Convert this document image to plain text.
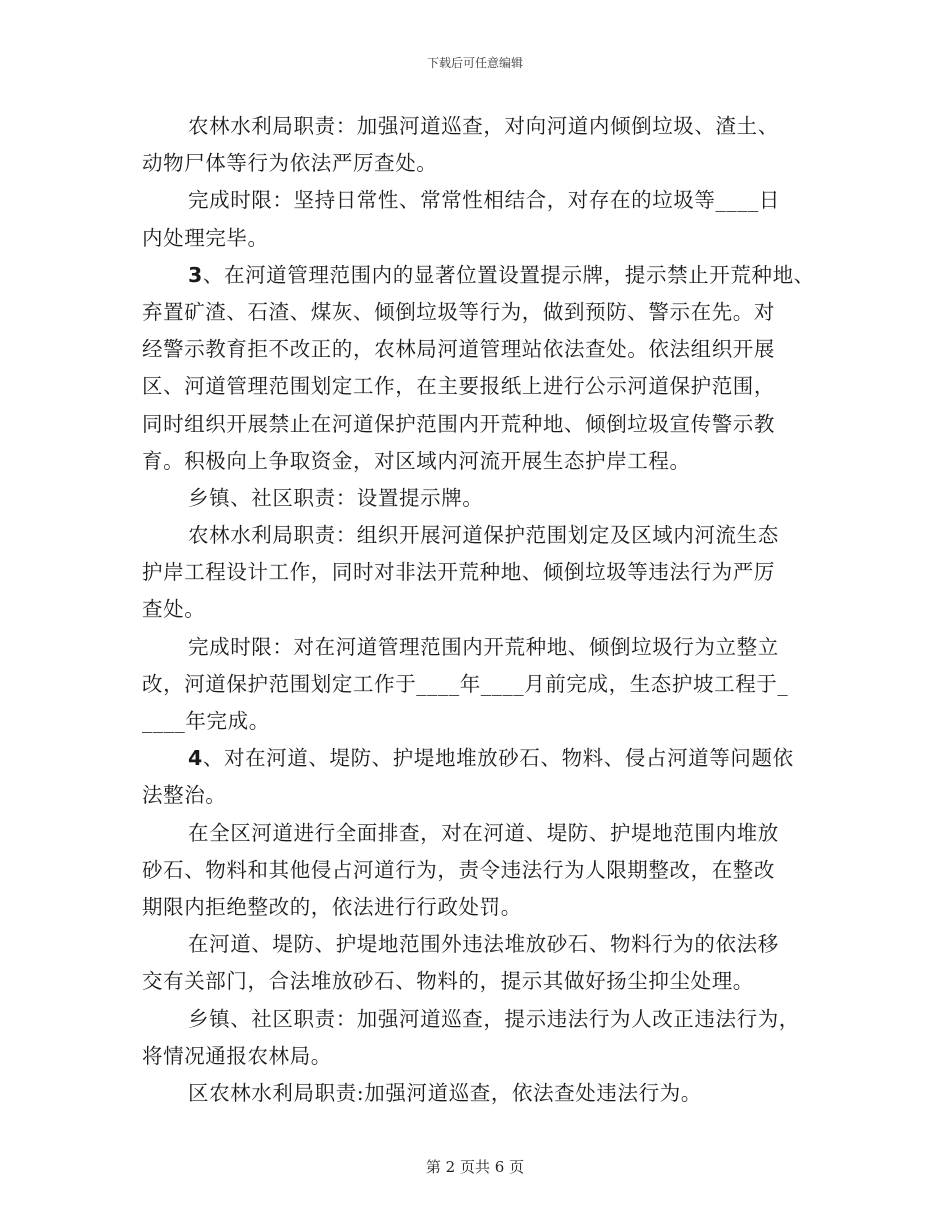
下载后可任意编辑
农林水利局职责：加强河道巡查，对向河道内倾倒垃圾、渣土、
动物尸体等行为依法严厉查处。
完成时限：坚持日常性、常常性相结合，对存在的垃圾等____日
内处理完毕。
3、在河道管理范围内的显著位置设置提示牌，提示禁止开荒种地、
弃置矿渣、石渣、煤灰、倾倒垃圾等行为，做到预防、警示在先。对
经警示教育拒不改正的，农林局河道管理站依法查处。依法组织开展
区、河道管理范围划定工作，在主要报纸上进行公示河道保护范围，
同时组织开展禁止在河道保护范围内开荒种地、倾倒垃圾宣传警示教
育。积极向上争取资金，对区域内河流开展生态护岸工程。
乡镇、社区职责：设置提示牌。
农林水利局职责：组织开展河道保护范围划定及区域内河流生态
护岸工程设计工作，同时对非法开荒种地、倾倒垃圾等违法行为严厉
查处。
完成时限：对在河道管理范围内开荒种地、倾倒垃圾行为立整立
改，河道保护范围划定工作于____年____月前完成，生态护坡工程于_
____年完成。
4、对在河道、堤防、护堤地堆放砂石、物料、侵占河道等问题依
法整治。
在全区河道进行全面排查，对在河道、堤防、护堤地范围内堆放
砂石、物料和其他侵占河道行为，责令违法行为人限期整改，在整改
期限内拒绝整改的，依法进行行政处罚。
在河道、堤防、护堤地范围外违法堆放砂石、物料行为的依法移
交有关部门，合法堆放砂石、物料的，提示其做好扬尘抑尘处理。
乡镇、社区职责：加强河道巡查，提示违法行为人改正违法行为，
将情况通报农林局。
区农林水利局职责:加强河道巡查，依法查处违法行为。
第 2 页共 6 页
